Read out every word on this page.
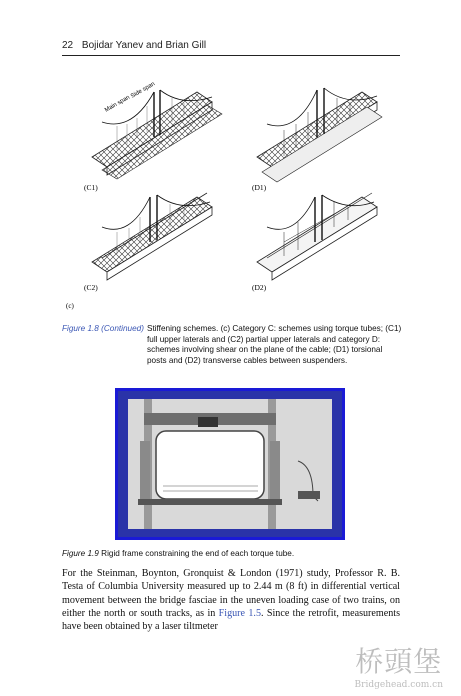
22 Bojidar Yanev and Brian Gill
Main span
Side span
(C1)	(D1)
(C2)	(D2)
(c)
Figure 1.8 (Continued) Stiffening schemes. (c) Category C: schemes using torque tubes; (C1) full upper laterals and (C2) partial upper laterals and category D: schemes involving shear on the plane of the cable; (D1) torsional posts and (D2) transverse cables between suspenders.
Figure 1.9 Rigid frame constraining the end of each torque tube.
For the Steinman, Boynton, Gronquist & London (1971) study, Professor R. B. Testa of Columbia University measured up to 2.44 m (8 ft) in differential vertical movement between the bridge fasciae in the uneven loading case of two trains, on either the north or south tracks, as in Figure 1.5. Since the retrofit, measurements have been obtained by a laser tiltmeter
桥頭堡
Bridgehead.com.cn
